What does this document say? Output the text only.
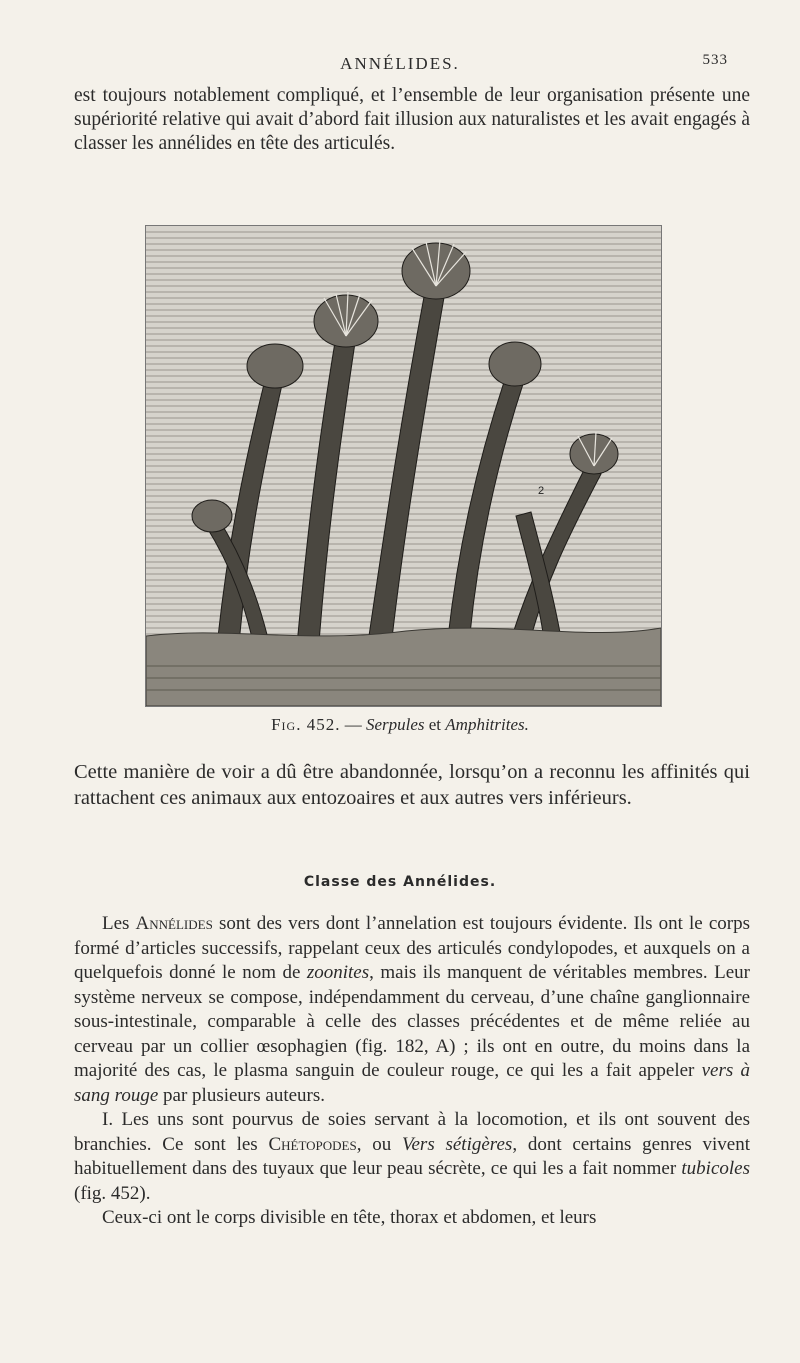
ANNÉLIDES.	533
est toujours notablement compliqué, et l’ensemble de leur organisation présente une supériorité relative qui avait d’abord fait illusion aux naturalistes et les avait engagés à classer les annélides en tête des articulés.
2
Fig. 452. — Serpules et Amphitrites.
Cette manière de voir a dû être abandonnée, lorsqu’on a reconnu les affinités qui rattachent ces animaux aux entozoaires et aux autres vers inférieurs.
Classe des Annélides.

Les Annélides sont des vers dont l’annelation est toujours évidente. Ils ont le corps formé d’articles successifs, rappelant ceux des articulés condylopodes, et auxquels on a quelquefois donné le nom de zoonites, mais ils manquent de véritables membres. Leur système nerveux se compose, indépendamment du cerveau, d’une chaîne ganglionnaire sous-intestinale, comparable à celle des classes précédentes et de même reliée au cerveau par un collier œsophagien (fig. 182, A) ; ils ont en outre, du moins dans la majorité des cas, le plasma sanguin de couleur rouge, ce qui les a fait appeler vers à sang rouge par plusieurs auteurs.

I. Les uns sont pourvus de soies servant à la locomotion, et ils ont souvent des branchies. Ce sont les Chétopodes, ou Vers sétigères, dont certains genres vivent habituellement dans des tuyaux que leur peau sécrète, ce qui les a fait nommer tubicoles (fig. 452).

Ceux-ci ont le corps divisible en tête, thorax et abdomen, et leurs
